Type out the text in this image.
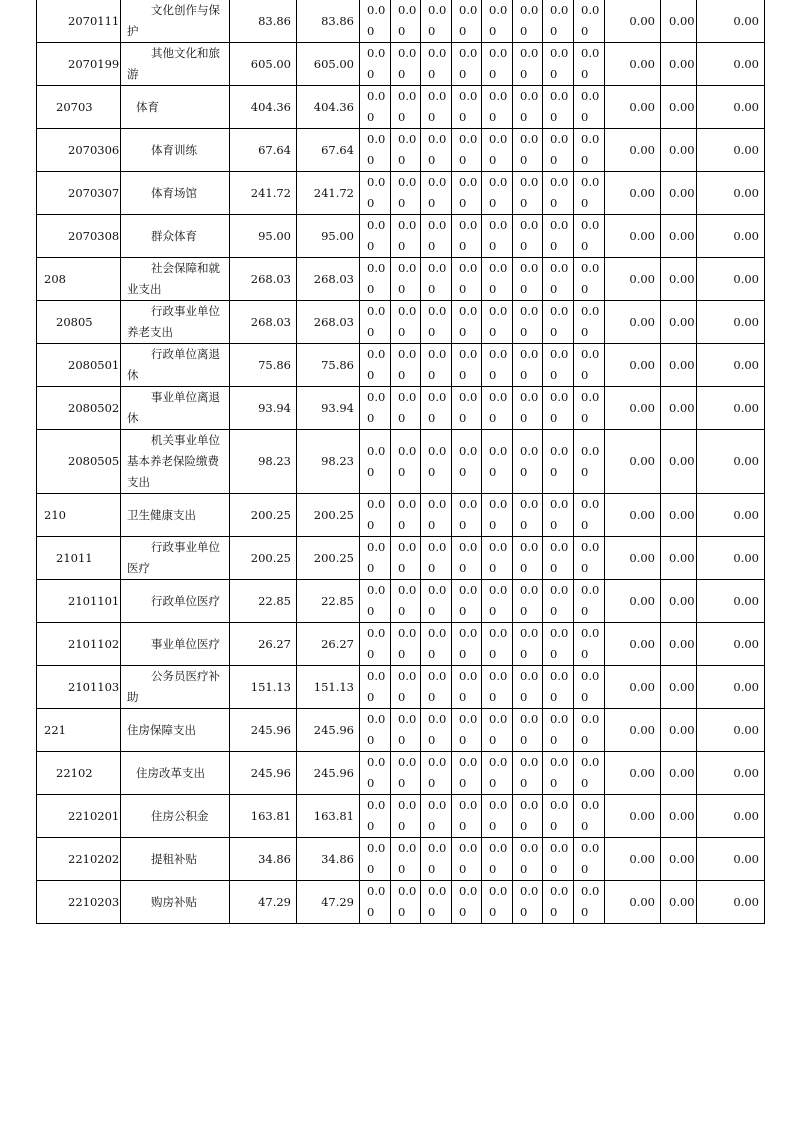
2070111	文化创作与保护	83.86	83.86	0.00	0.00	0.00	0.00	0.00	0.00	0.00	0.00	0.00	0.00	0.00
2070199	其他文化和旅游	605.00	605.00	0.00	0.00	0.00	0.00	0.00	0.00	0.00	0.00	0.00	0.00	0.00
20703	体育	404.36	404.36	0.00	0.00	0.00	0.00	0.00	0.00	0.00	0.00	0.00	0.00	0.00
2070306	体育训练	67.64	67.64	0.00	0.00	0.00	0.00	0.00	0.00	0.00	0.00	0.00	0.00	0.00
2070307	体育场馆	241.72	241.72	0.00	0.00	0.00	0.00	0.00	0.00	0.00	0.00	0.00	0.00	0.00
2070308	群众体育	95.00	95.00	0.00	0.00	0.00	0.00	0.00	0.00	0.00	0.00	0.00	0.00	0.00
208	社会保障和就业支出	268.03	268.03	0.00	0.00	0.00	0.00	0.00	0.00	0.00	0.00	0.00	0.00	0.00
20805	行政事业单位养老支出	268.03	268.03	0.00	0.00	0.00	0.00	0.00	0.00	0.00	0.00	0.00	0.00	0.00
2080501	行政单位离退休	75.86	75.86	0.00	0.00	0.00	0.00	0.00	0.00	0.00	0.00	0.00	0.00	0.00
2080502	事业单位离退休	93.94	93.94	0.00	0.00	0.00	0.00	0.00	0.00	0.00	0.00	0.00	0.00	0.00
2080505	机关事业单位基本养老保险缴费支出	98.23	98.23	0.00	0.00	0.00	0.00	0.00	0.00	0.00	0.00	0.00	0.00	0.00
210	卫生健康支出	200.25	200.25	0.00	0.00	0.00	0.00	0.00	0.00	0.00	0.00	0.00	0.00	0.00
21011	行政事业单位医疗	200.25	200.25	0.00	0.00	0.00	0.00	0.00	0.00	0.00	0.00	0.00	0.00	0.00
2101101	行政单位医疗	22.85	22.85	0.00	0.00	0.00	0.00	0.00	0.00	0.00	0.00	0.00	0.00	0.00
2101102	事业单位医疗	26.27	26.27	0.00	0.00	0.00	0.00	0.00	0.00	0.00	0.00	0.00	0.00	0.00
2101103	公务员医疗补助	151.13	151.13	0.00	0.00	0.00	0.00	0.00	0.00	0.00	0.00	0.00	0.00	0.00
221	住房保障支出	245.96	245.96	0.00	0.00	0.00	0.00	0.00	0.00	0.00	0.00	0.00	0.00	0.00
22102	住房改革支出	245.96	245.96	0.00	0.00	0.00	0.00	0.00	0.00	0.00	0.00	0.00	0.00	0.00
2210201	住房公积金	163.81	163.81	0.00	0.00	0.00	0.00	0.00	0.00	0.00	0.00	0.00	0.00	0.00
2210202	提租补贴	34.86	34.86	0.00	0.00	0.00	0.00	0.00	0.00	0.00	0.00	0.00	0.00	0.00
2210203	购房补贴	47.29	47.29	0.00	0.00	0.00	0.00	0.00	0.00	0.00	0.00	0.00	0.00	0.00
